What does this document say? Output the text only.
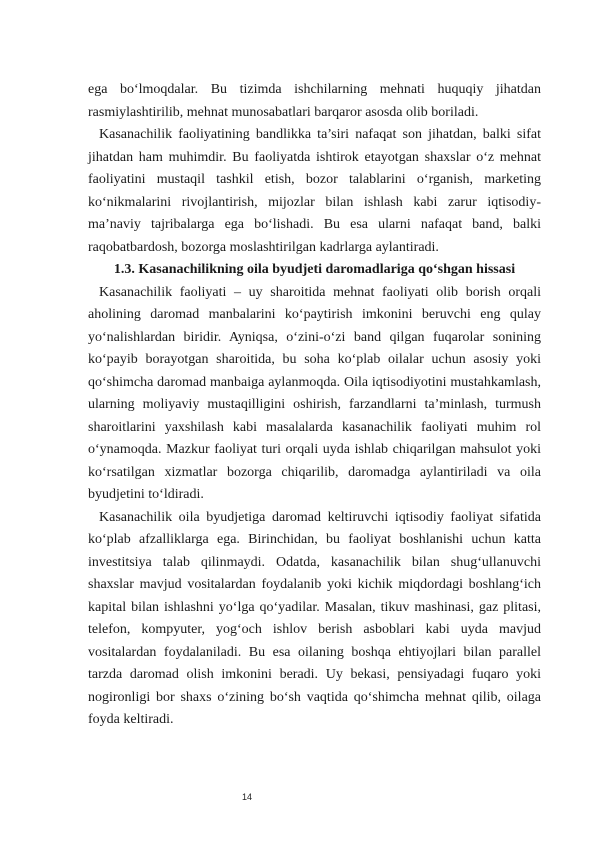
ega bo‘lmoqdalar. Bu tizimda ishchilarning mehnati huquqiy jihatdan rasmiylashtirilib, mehnat munosabatlari barqaror asosda olib boriladi.

Kasanachilik faoliyatining bandlikka ta’siri nafaqat son jihatdan, balki sifat jihatdan ham muhimdir. Bu faoliyatda ishtirok etayotgan shaxslar o‘z mehnat faoliyatini mustaqil tashkil etish, bozor talablarini o‘rganish, marketing ko‘nikmalarini rivojlantirish, mijozlar bilan ishlash kabi zarur iqtisodiy-ma’naviy tajribalarga ega bo‘lishadi. Bu esa ularni nafaqat band, balki raqobatbardosh, bozorga moslashtirilgan kadrlarga aylantiradi.

1.3. Kasanachilikning oila byudjeti daromadlariga qo‘shgan hissasi

Kasanachilik faoliyati – uy sharoitida mehnat faoliyati olib borish orqali aholining daromad manbalarini ko‘paytirish imkonini beruvchi eng qulay yo‘nalishlardan biridir. Ayniqsa, o‘zini-o‘zi band qilgan fuqarolar sonining ko‘payib borayotgan sharoitida, bu soha ko‘plab oilalar uchun asosiy yoki qo‘shimcha daromad manbaiga aylanmoqda. Oila iqtisodiyotini mustahkamlash, ularning moliyaviy mustaqilligini oshirish, farzandlarni ta’minlash, turmush sharoitlarini yaxshilash kabi masalalarda kasanachilik faoliyati muhim rol o‘ynamoqda. Mazkur faoliyat turi orqali uyda ishlab chiqarilgan mahsulot yoki ko‘rsatilgan xizmatlar bozorga chiqarilib, daromadga aylantiriladi va oila byudjetini to‘ldiradi.

Kasanachilik oila byudjetiga daromad keltiruvchi iqtisodiy faoliyat sifatida ko‘plab afzalliklarga ega. Birinchidan, bu faoliyat boshlanishi uchun katta investitsiya talab qilinmaydi. Odatda, kasanachilik bilan shug‘ullanuvchi shaxslar mavjud vositalardan foydalanib yoki kichik miqdordagi boshlang‘ich kapital bilan ishlashni yo‘lga qo‘yadilar. Masalan, tikuv mashinasi, gaz plitasi, telefon, kompyuter, yog‘och ishlov berish asboblari kabi uyda mavjud vositalardan foydalaniladi. Bu esa oilaning boshqa ehtiyojlari bilan parallel tarzda daromad olish imkonini beradi. Uy bekasi, pensiyadagi fuqaro yoki nogironligi bor shaxs o‘zining bo‘sh vaqtida qo‘shimcha mehnat qilib, oilaga foyda keltiradi.

14
